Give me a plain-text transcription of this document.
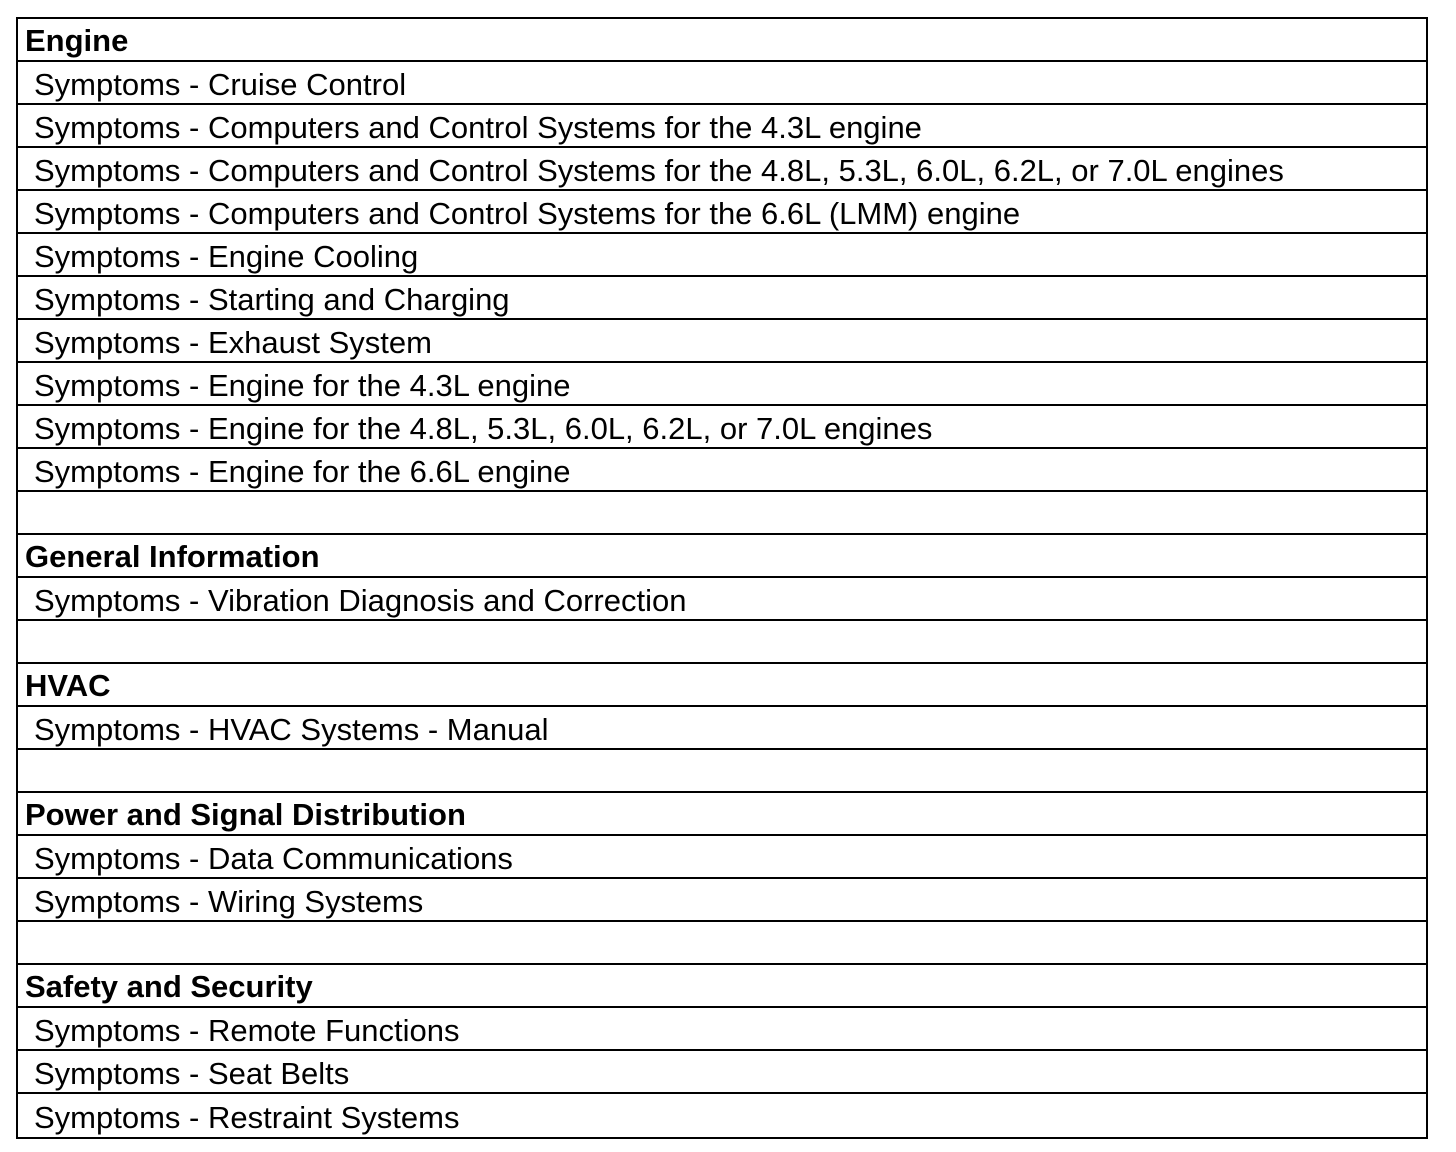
Engine
Symptoms - Cruise Control
Symptoms - Computers and Control Systems for the 4.3L engine
Symptoms - Computers and Control Systems for the 4.8L, 5.3L, 6.0L, 6.2L, or 7.0L engines
Symptoms - Computers and Control Systems for the 6.6L (LMM) engine
Symptoms - Engine Cooling
Symptoms - Starting and Charging
Symptoms - Exhaust System
Symptoms - Engine for the 4.3L engine
Symptoms - Engine for the 4.8L, 5.3L, 6.0L, 6.2L, or 7.0L engines
Symptoms - Engine for the 6.6L engine
General Information
Symptoms - Vibration Diagnosis and Correction
HVAC
Symptoms - HVAC Systems - Manual
Power and Signal Distribution
Symptoms - Data Communications
Symptoms - Wiring Systems
Safety and Security
Symptoms - Remote Functions
Symptoms - Seat Belts
Symptoms - Restraint Systems
